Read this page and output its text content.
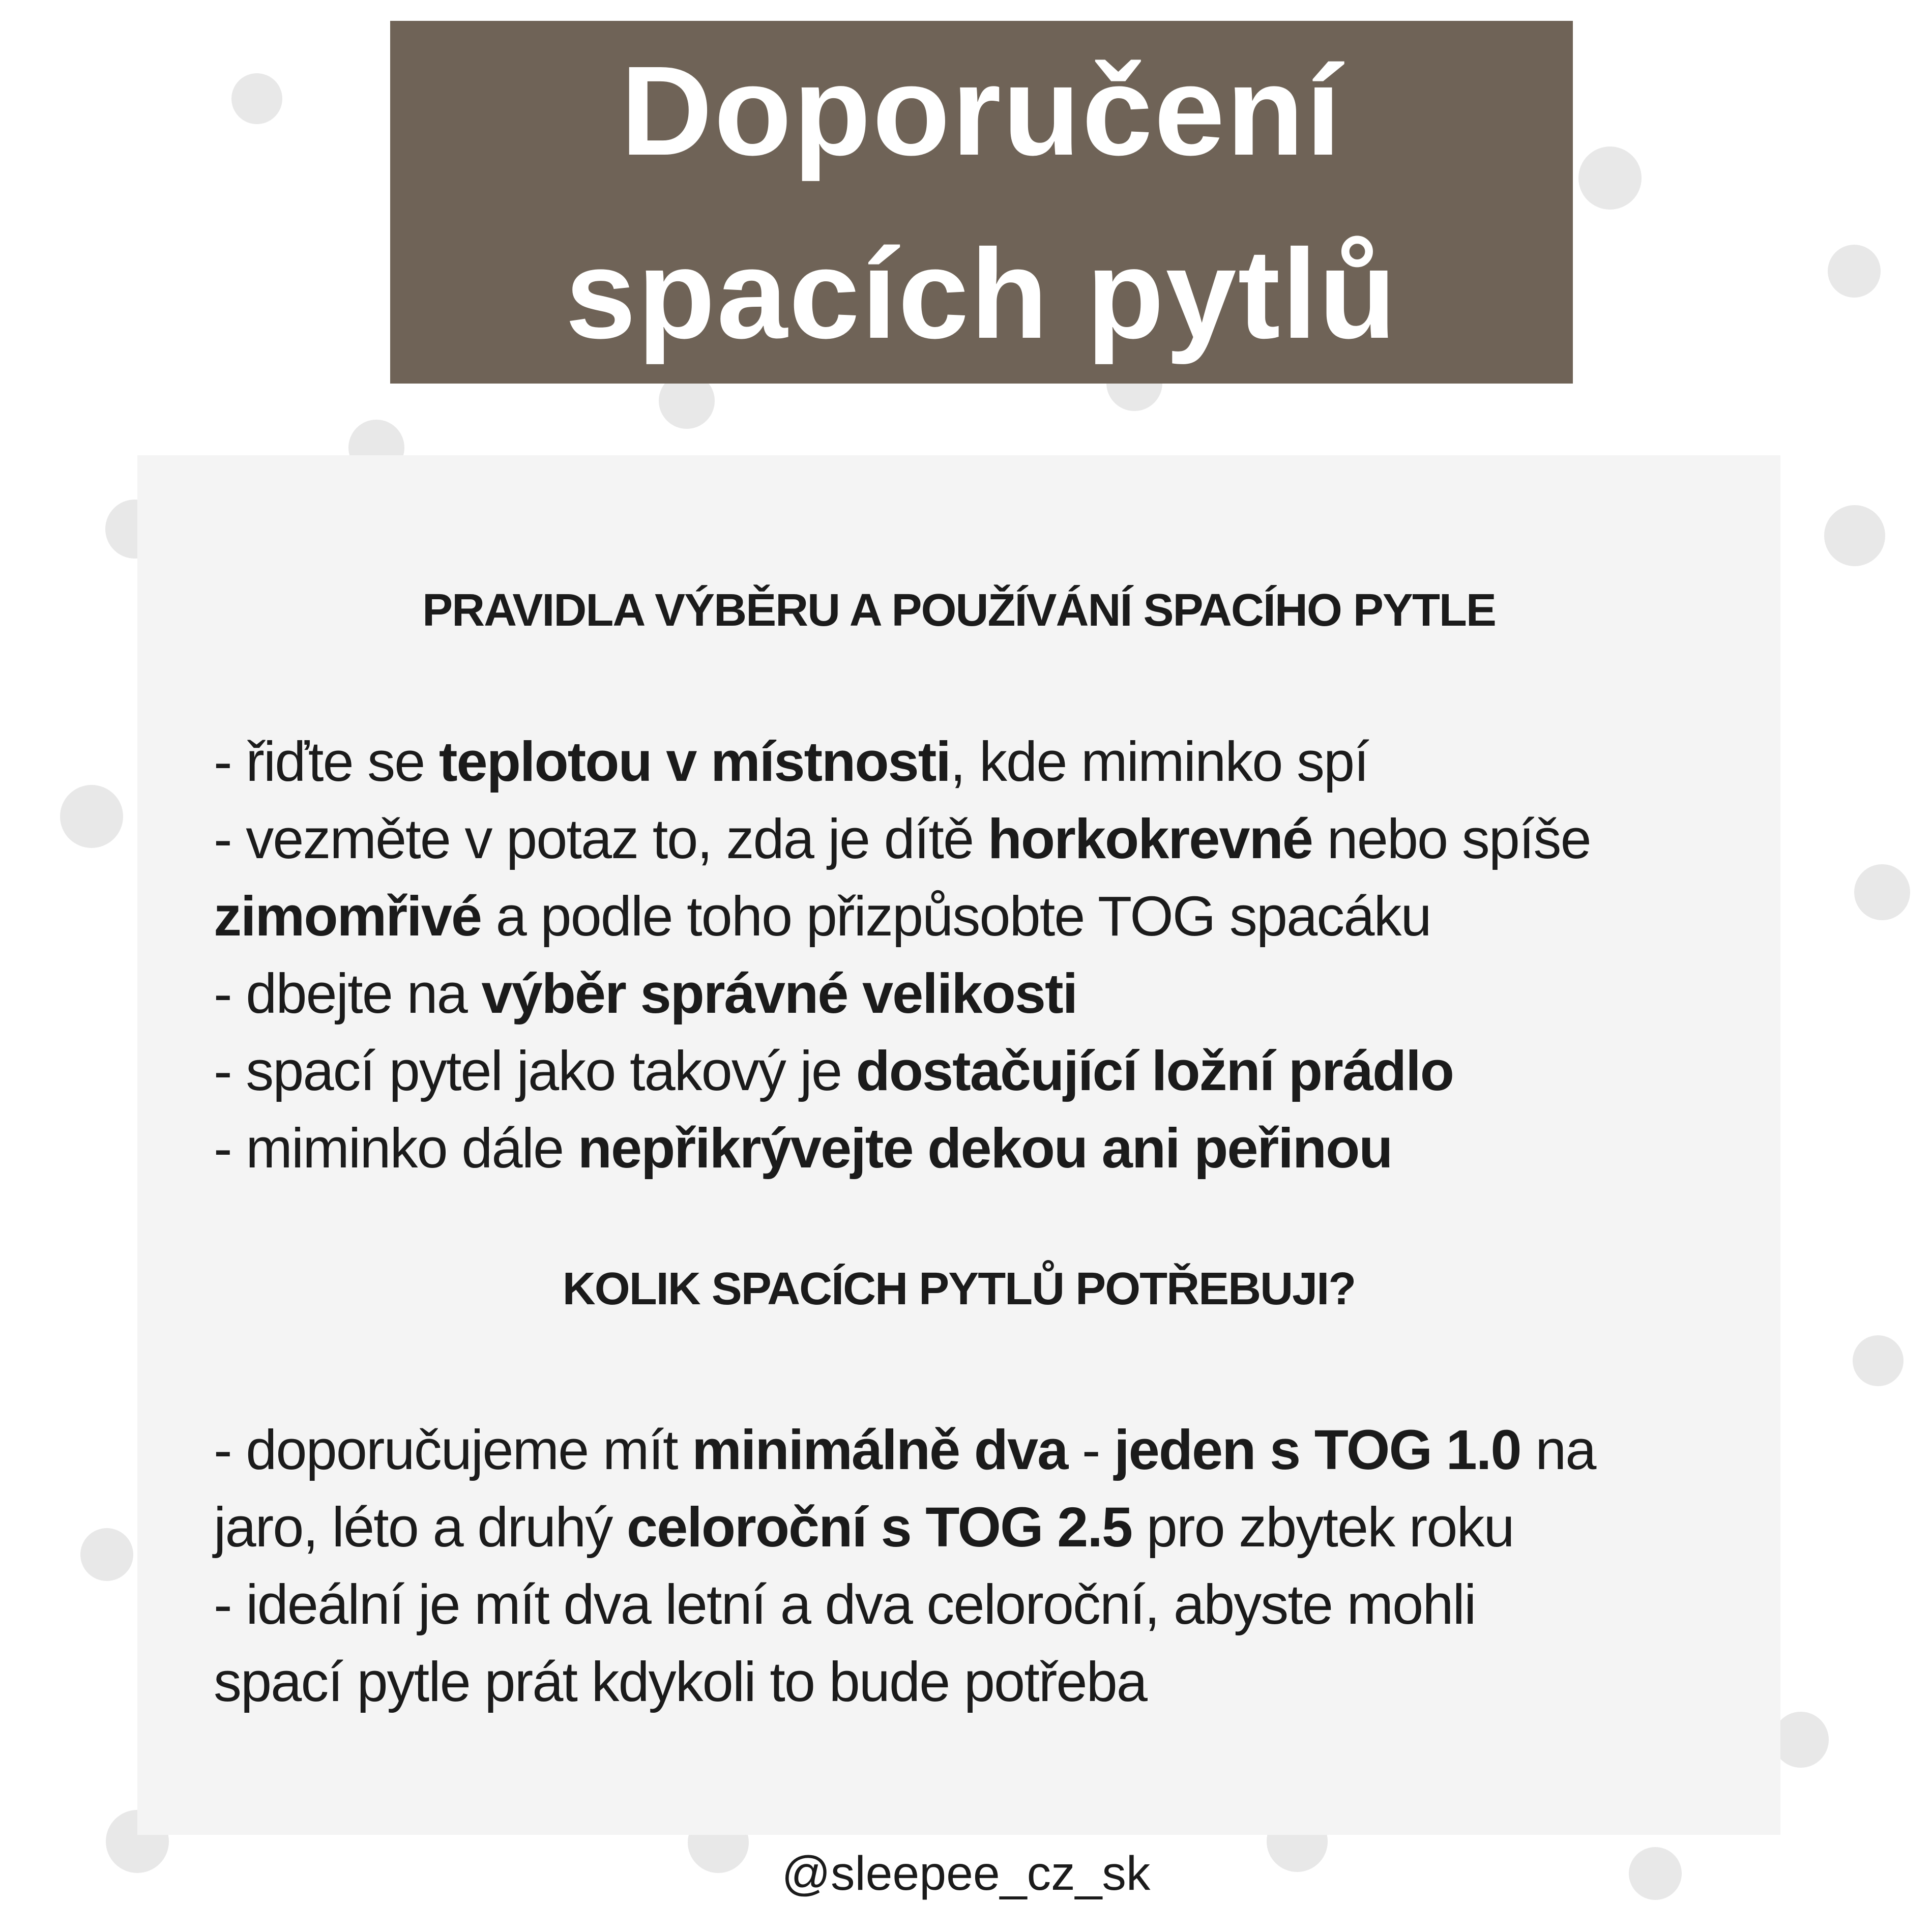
Doporučení
spacích pytlů
PRAVIDLA VÝBĚRU A POUŽÍVÁNÍ SPACÍHO PYTLE
- řiďte se teplotou v místnosti, kde miminko spí
- vezměte v potaz to, zda je dítě horkokrevné nebo spíše
zimomřivé a podle toho přizpůsobte TOG spacáku
- dbejte na výběr správné velikosti
- spací pytel jako takový je dostačující ložní prádlo
- miminko dále nepřikrývejte dekou ani peřinou
KOLIK SPACÍCH PYTLŮ POTŘEBUJI?
- doporučujeme mít minimálně dva - jeden s TOG 1.0 na
jaro, léto a druhý celoroční s TOG 2.5 pro zbytek roku
- ideální je mít dva letní a dva celoroční, abyste mohli
spací pytle prát kdykoli to bude potřeba
@sleepee_cz_sk
